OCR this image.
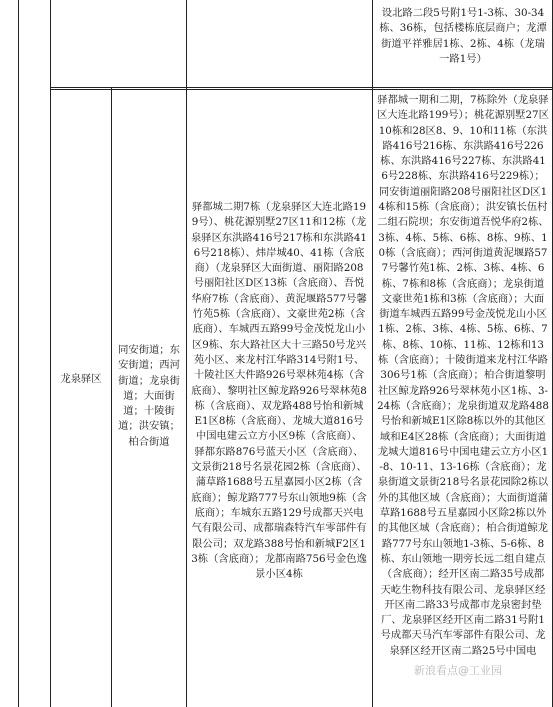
设北路二段5号附1号1-3栋、30-34栋、36栋，包括楼栋底层商户；龙潭街道平祥雅居1栋、2栋、4栋（龙瑞一路1号）
龙泉驿区
同安街道；东安街道；西河街道；龙泉街道；大面街道；十陵街道；洪安镇；柏合街道
驿都城二期7栋（龙泉驿区大连北路199号）、桃花源别墅27区11和12栋（龙泉驿区东洪路416号217栋和东洪路416号218栋）、炜岸城40、41栋（含底商）（龙泉驿区大面街道、丽阳路208号丽阳社区D区13栋（含底商）、吾悦华府7栋（含底商）、黄泥堰路577号馨竹苑5栋（含底商）、文豪世苑2栋（含底商）、车城西五路99号金茂悦龙山小区9栋、东大路社区大十三路50号龙兴苑小区、来龙村江华路314号附1号、十陵社区大件路926号翠林苑4栋（含底商）、黎明社区鲸龙路926号翠林苑8栋（含底商）、双龙路488号怡和新城E1区8栋（含底商）、龙城大道816号中国电建云立方小区9栋（含底商）、驿都东路876号蓝天小区（含底商）、文景街218号名景花园2栋（含底商）、蒲草路1688号五星嘉园小区2栋（含底商）；鲸龙路777号东山领地9栋（含底商）；车城东五路129号成都天兴电气有限公司、成都瑞森特汽车零部件有限公司；双龙路388号怡和新城F2区13栋（含底商）；龙都南路756号金色逸景小区4栋
驿都城一期和二期，7栋除外（龙泉驿区大连北路199号）；桃花源别墅27区10栋和28区8、9、10和11栋（东洪路416号216栋、东洪路416号226栋、东洪路416号227栋、东洪路416号228栋、东洪路416号229栋）；同安街道丽阳路208号丽阳社区D区14栋和15栋（含底商）；洪安镇长伍村二组石院坝；东安街道吾悦华府2栋、3栋、4栋、5栋、6栋、8栋、9栋、10栋（含底商）；西河街道黄泥堰路577号馨竹苑1栋、2栋、3栋、4栋、6栋、7栋和8栋（含底商）；龙泉街道文豪世苑1栋和3栋（含底商）；大面街道车城西五路99号金茂悦龙山小区1栋、2栋、3栋、4栋、5栋、6栋、7栋、8栋、10栋、11栋、12栋和13栋（含底商）；十陵街道来龙村江华路306号1栋（含底商）；柏合街道黎明社区鲸龙路926号翠林苑小区1栋、3-24栋（含底商）；龙泉街道双龙路488号怡和新城E1区除8栋以外的其他区域和E4区28栋（含底商）；大面街道龙城大道816号中国电建云立方小区1-8、10-11、13-16栋（含底商）；龙泉街道文景街218号名景花园除2栋以外的其他区域（含底商）；大面街道蒲草路1688号五星嘉园小区除2栋以外的其他区域（含底商）；柏合街道鲸龙路777号东山领地1-3栋、5-6栋、8栋、东山领地一期旁长远二组自建点（含底商）；经开区南二路35号成都天屹生物科技有限公司、龙泉驿区经开区南二路33号成都市龙泉密封垫厂、龙泉驿区经开区南二路31号附1号成都天马汽车零部件有限公司、龙泉驿区经开区南二路25号中国电
新浪看点@工业园
